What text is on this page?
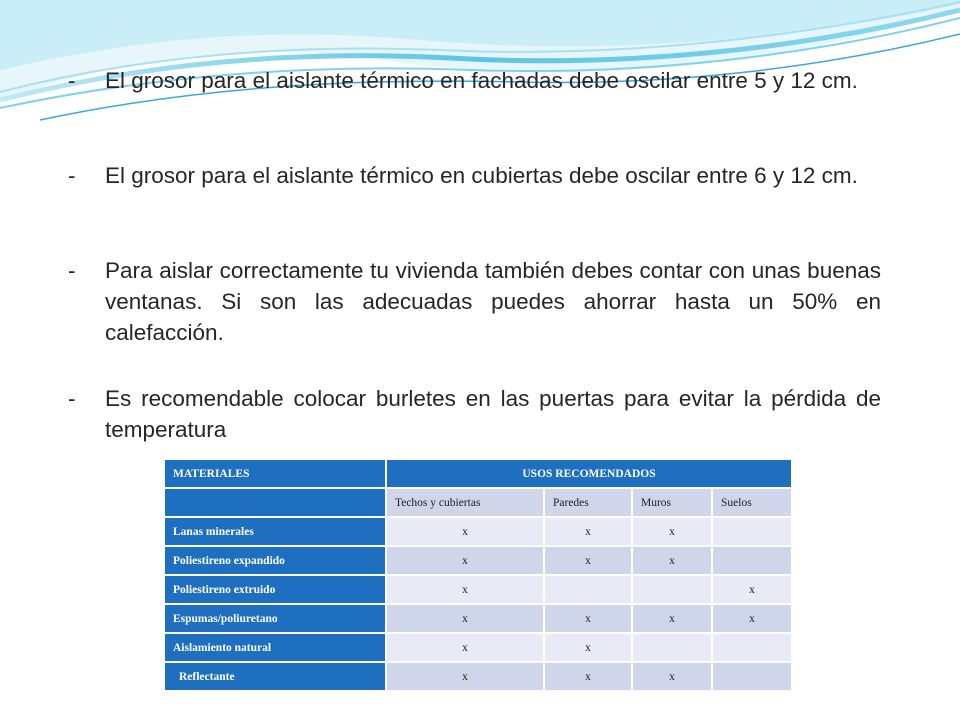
-	El grosor para el aislante térmico en fachadas debe oscilar entre 5 y 12 cm.
-	El grosor para el aislante térmico en cubiertas debe oscilar entre 6 y 12 cm.
-	Para aislar correctamente tu vivienda también debes contar con unas buenas ventanas. Si son las adecuadas puedes ahorrar hasta un 50% en calefacción.
-	Es recomendable colocar burletes en las puertas para evitar la pérdida de temperatura
MATERIALES	USOS RECOMENDADOS			
	Techos y cubiertas	Paredes	Muros	Suelos
Lanas minerales	x	x	x	
Poliestireno expandido	x	x	x	
Poliestireno extruido	x			x
Espumas/poliuretano	x	x	x	x
Aislamiento natural	x	x		
Reflectante	x	x	x	
